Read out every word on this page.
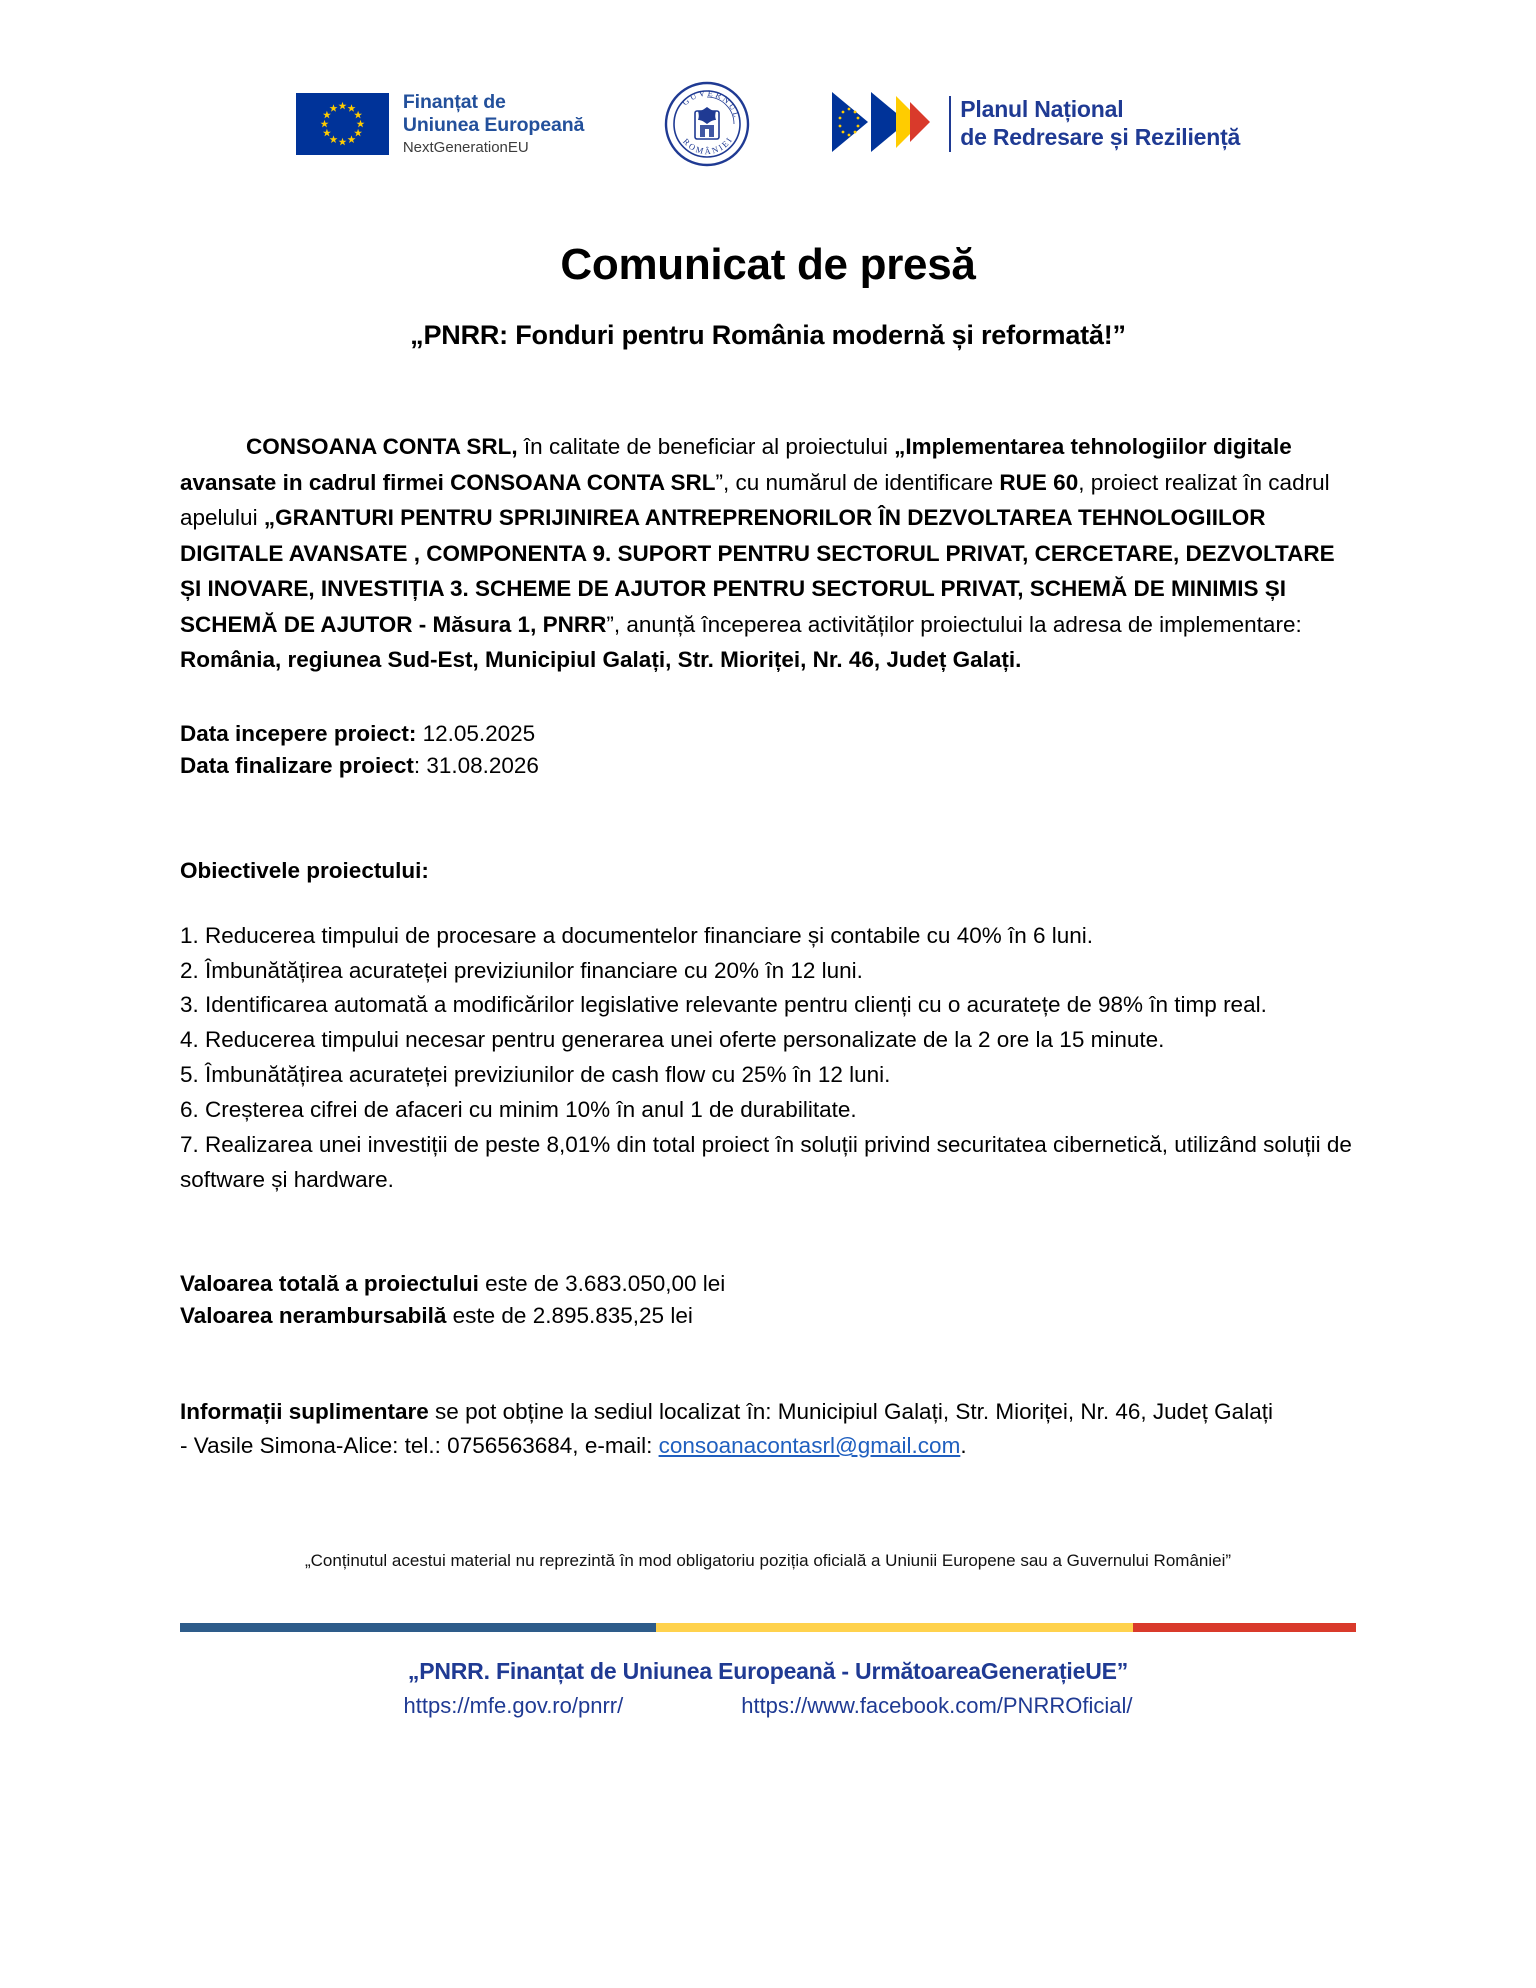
Finanțat de
Uniunea Europeană
NextGenerationEU
GUVERNUL
ROMÂNIEI
Planul Național
de Redresare și Reziliență
Comunicat de presă
„PNRR: Fonduri pentru România modernă și reformată!”

CONSOANA CONTA SRL, în calitate de beneficiar al proiectului „Implementarea tehnologiilor digitale avansate in cadrul firmei CONSOANA CONTA SRL”, cu numărul de identificare RUE 60, proiect realizat în cadrul apelului „GRANTURI PENTRU SPRIJINIREA ANTREPRENORILOR ÎN DEZVOLTAREA TEHNOLOGIILOR DIGITALE AVANSATE , COMPONENTA 9. SUPORT PENTRU SECTORUL PRIVAT, CERCETARE, DEZVOLTARE ȘI INOVARE, INVESTIȚIA 3. SCHEME DE AJUTOR PENTRU SECTORUL PRIVAT, SCHEMĂ DE MINIMIS ȘI SCHEMĂ DE AJUTOR - Măsura 1, PNRR”, anunță începerea activităților proiectului la adresa de implementare: România, regiunea Sud-Est, Municipiul Galați, Str. Mioriței, Nr. 46, Județ Galați.

Data incepere proiect: 12.05.2025
Data finalizare proiect: 31.08.2026
Obiectivele proiectului:
1. Reducerea timpului de procesare a documentelor financiare și contabile cu 40% în 6 luni.
2. Îmbunătățirea acurateței previziunilor financiare cu 20% în 12 luni.
3. Identificarea automată a modificărilor legislative relevante pentru clienți cu o acuratețe de 98% în timp real.
4. Reducerea timpului necesar pentru generarea unei oferte personalizate de la 2 ore la 15 minute.
5. Îmbunătățirea acurateței previziunilor de cash flow cu 25% în 12 luni.
6. Creșterea cifrei de afaceri cu minim 10% în anul 1 de durabilitate.
7. Realizarea unei investiții de peste 8,01% din total proiect în soluții privind securitatea cibernetică, utilizând soluții de software și hardware.
Valoarea totală a proiectului este de 3.683.050,00 lei
Valoarea nerambursabilă este de 2.895.835,25 lei

Informații suplimentare se pot obține la sediul localizat în: Municipiul Galați, Str. Mioriței, Nr. 46, Județ Galați

- Vasile Simona-Alice: tel.: 0756563684, e-mail: consoanacontasrl@gmail.com.

„Conținutul acestui material nu reprezintă în mod obligatoriu poziția oficială a Uniunii Europene sau a Guvernului României”
„PNRR. Finanțat de Uniunea Europeană - UrmătoareaGenerațieUE”
https://mfe.gov.ro/pnrr/	https://www.facebook.com/PNRROficial/
